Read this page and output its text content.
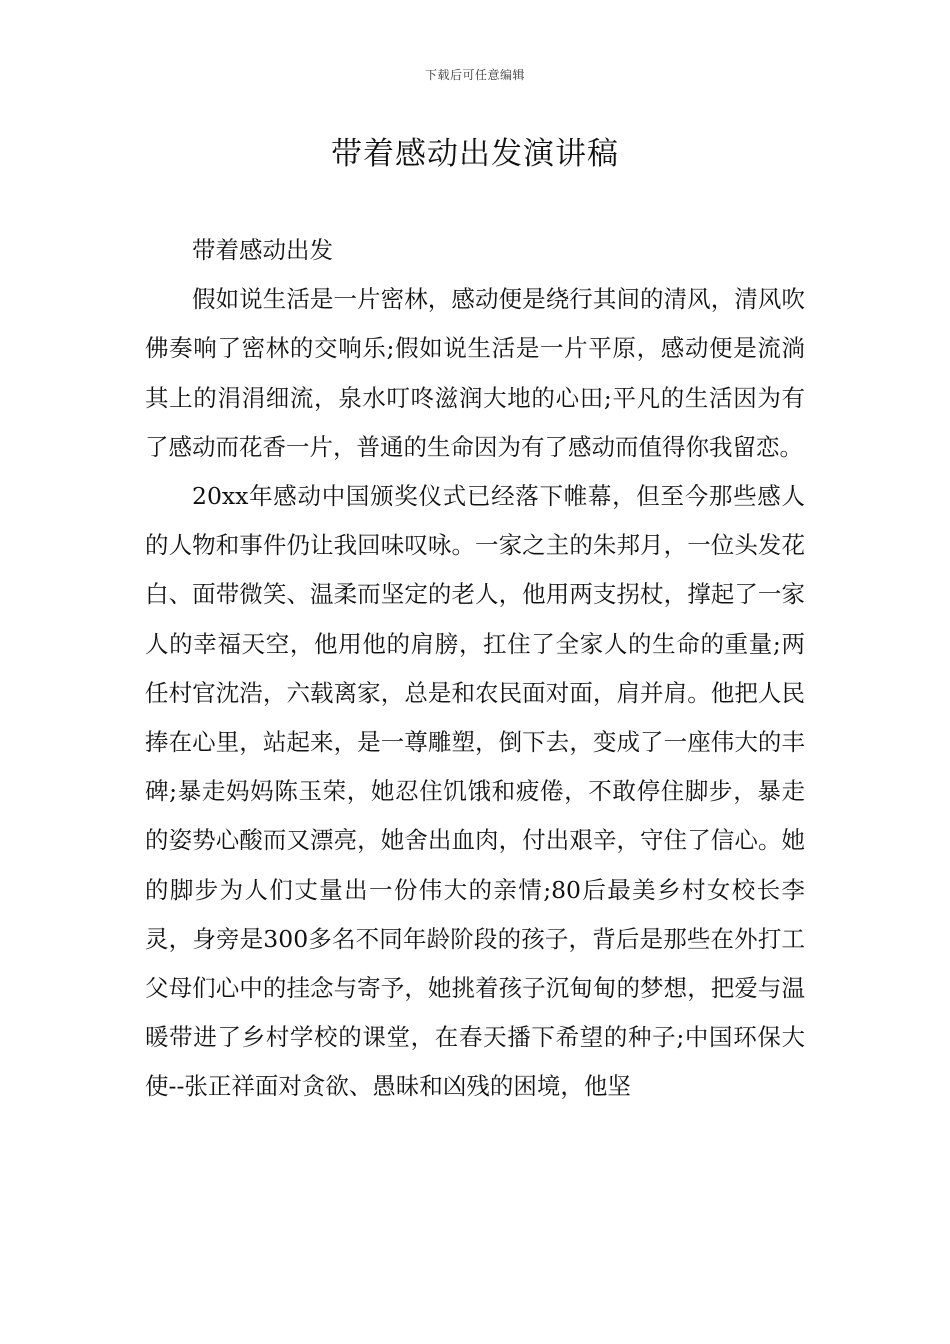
下载后可任意编辑
带着感动出发演讲稿

带着感动出发

假如说生活是一片密林，感动便是绕行其间的清风，清风吹佛奏响了密林的交响乐;假如说生活是一片平原，感动便是流淌其上的涓涓细流，泉水叮咚滋润大地的心田;平凡的生活因为有了感动而花香一片，普通的生命因为有了感动而值得你我留恋。

20xx年感动中国颁奖仪式已经落下帷幕，但至今那些感人的人物和事件仍让我回味叹咏。一家之主的朱邦月，一位头发花白、面带微笑、温柔而坚定的老人，他用两支拐杖，撑起了一家人的幸福天空，他用他的肩膀，扛住了全家人的生命的重量;两任村官沈浩，六载离家，总是和农民面对面，肩并肩。他把人民捧在心里，站起来，是一尊雕塑，倒下去，变成了一座伟大的丰碑;暴走妈妈陈玉荣，她忍住饥饿和疲倦，不敢停住脚步，暴走的姿势心酸而又漂亮，她舍出血肉，付出艰辛，守住了信心。她的脚步为人们丈量出一份伟大的亲情;80后最美乡村女校长李灵，身旁是300多名不同年龄阶段的孩子，背后是那些在外打工父母们心中的挂念与寄予，她挑着孩子沉甸甸的梦想，把爱与温暖带进了乡村学校的课堂，在春天播下希望的种子;中国环保大使--张正祥面对贪欲、愚昧和凶残的困境，他坚
